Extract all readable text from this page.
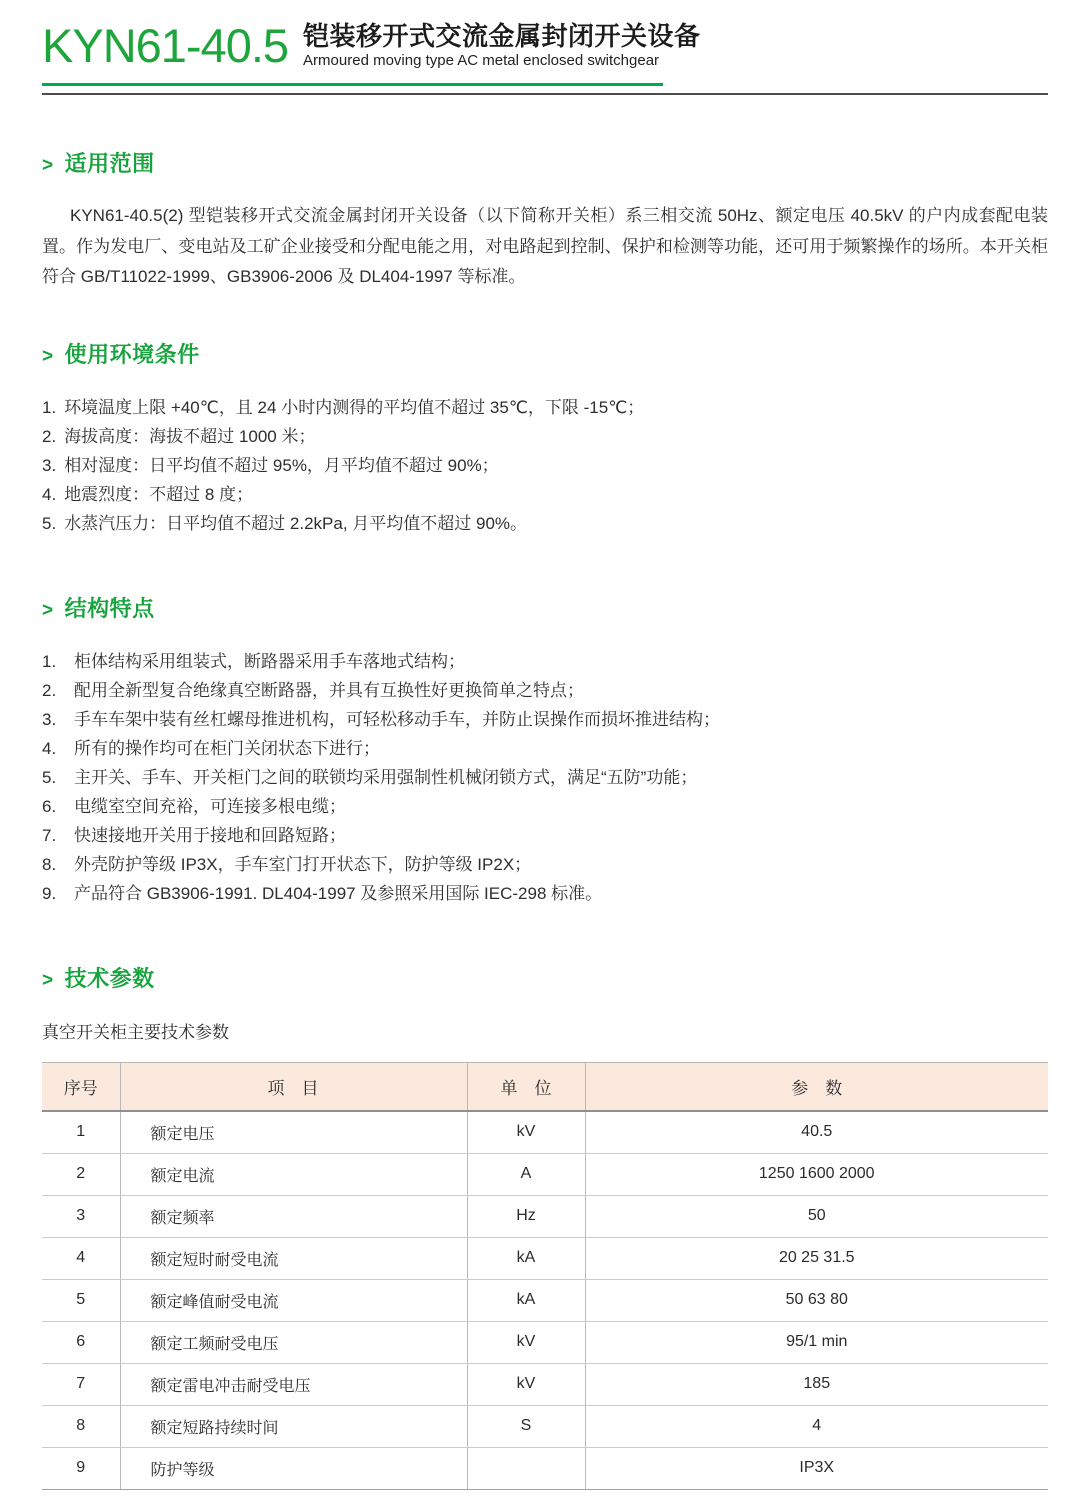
KYN61-40.5 铠装移开式交流金属封闭开关设备
Armoured moving type AC metal enclosed switchgear
> 适用范围

KYN61-40.5(2) 型铠装移开式交流金属封闭开关设备（以下简称开关柜）系三相交流 50Hz、额定电压 40.5kV 的户内成套配电装置。作为发电厂、变电站及工矿企业接受和分配电能之用，对电路起到控制、保护和检测等功能，还可用于频繁操作的场所。本开关柜符合 GB/T11022-1999、GB3906-2006 及 DL404-1997 等标准。

> 使用环境条件
1. 环境温度上限 +40℃，且 24 小时内测得的平均值不超过 35℃，下限 -15℃；
2. 海拔高度：海拔不超过 1000 米；
3. 相对湿度：日平均值不超过 95%，月平均值不超过 90%；
4. 地震烈度：不超过 8 度；
5. 水蒸汽压力：日平均值不超过 2.2kPa, 月平均值不超过 90%。
> 结构特点
1.	柜体结构采用组装式，断路器采用手车落地式结构；
2.	配用全新型复合绝缘真空断路器，并具有互换性好更换简单之特点；
3.	手车车架中装有丝杠螺母推进机构，可轻松移动手车，并防止误操作而损坏推进结构；
4.	所有的操作均可在柜门关闭状态下进行；
5.	主开关、手车、开关柜门之间的联锁均采用强制性机械闭锁方式，满足“五防”功能；
6.	电缆室空间充裕，可连接多根电缆；
7.	快速接地开关用于接地和回路短路；
8.	外壳防护等级 IP3X，手车室门打开状态下，防护等级 IP2X；
9.	产品符合 GB3906-1991. DL404-1997 及参照采用国际 IEC-298 标准。
> 技术参数

真空开关柜主要技术参数

序号	项　目	单　位	参　数
1	额定电压	kV	40.5
2	额定电流	A	1250 1600 2000
3	额定频率	Hz	50
4	额定短时耐受电流	kA	20 25 31.5
5	额定峰值耐受电流	kA	50 63 80
6	额定工频耐受电压	kV	95/1 min
7	额定雷电冲击耐受电压	kV	185
8	额定短路持续时间	S	4
9	防护等级		IP3X
